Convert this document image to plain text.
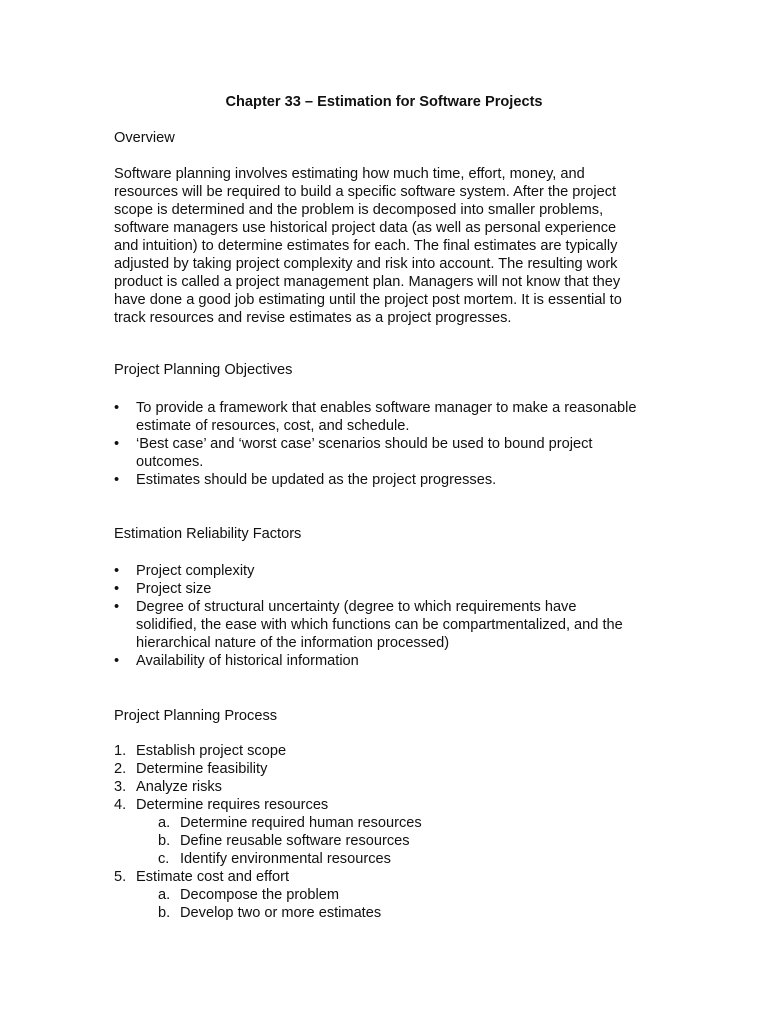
Chapter 33 – Estimation for Software Projects

Overview

Software planning involves estimating how much time, effort, money, and
resources will be required to build a specific software system. After the project
scope is determined and the problem is decomposed into smaller problems,
software managers use historical project data (as well as personal experience
and intuition) to determine estimates for each. The final estimates are typically
adjusted by taking project complexity and risk into account. The resulting work
product is called a project management plan. Managers will not know that they
have done a good job estimating until the project post mortem. It is essential to
track resources and revise estimates as a project progresses.

Project Planning Objectives

• To provide a framework that enables software manager to make a reasonable
estimate of resources, cost, and schedule.
• ‘Best case’ and ‘worst case’ scenarios should be used to bound project
outcomes.
• Estimates should be updated as the project progresses.

Estimation Reliability Factors

• Project complexity
• Project size
• Degree of structural uncertainty (degree to which requirements have
solidified, the ease with which functions can be compartmentalized, and the
hierarchical nature of the information processed)
• Availability of historical information

Project Planning Process

1. Establish project scope
2. Determine feasibility
3. Analyze risks
4. Determine requires resources
a. Determine required human resources
b. Define reusable software resources
c. Identify environmental resources
5. Estimate cost and effort
a. Decompose the problem
b. Develop two or more estimates
